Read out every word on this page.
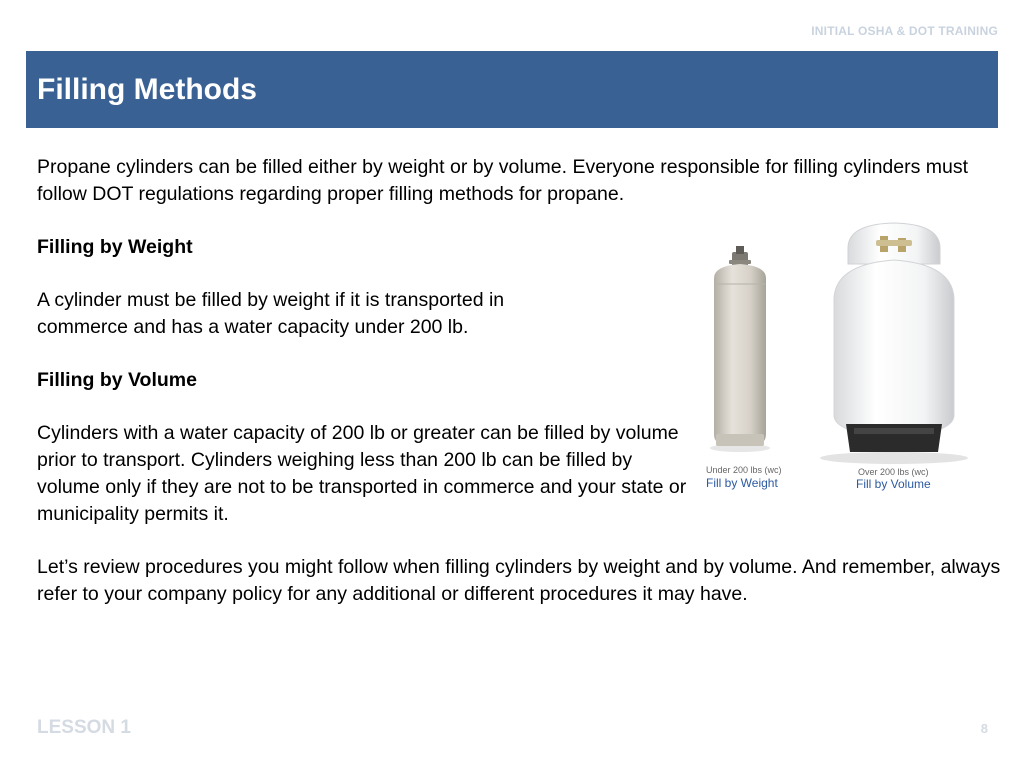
INITIAL OSHA & DOT TRAINING
Filling Methods

Propane cylinders can be filled either by weight or by volume. Everyone responsible for filling cylinders must follow DOT regulations regarding proper filling methods for propane.

Filling by Weight

A cylinder must be filled by weight if it is transported in commerce and has a water capacity under 200 lb.

Filling by Volume

Cylinders with a water capacity of 200 lb or greater can be filled by volume prior to transport. Cylinders weighing less than 200 lb can be filled by volume only if they are not to be transported in commerce and your state or municipality permits it.

Let’s review procedures you might follow when filling cylinders by weight and by volume. And remember, always refer to your company policy for any additional or different procedures it may have.

Under 200 lbs (wc)
Fill by Weight
Over 200 lbs (wc)
Fill by Volume
LESSON 1	8
